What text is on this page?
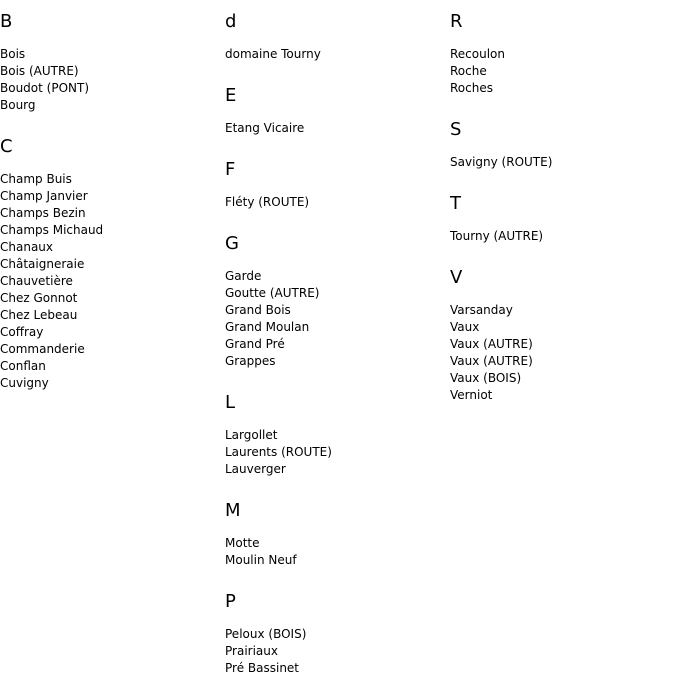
B
Bois
Bois (AUTRE)
Boudot (PONT)
Bourg
C
Champ Buis
Champ Janvier
Champs Bezin
Champs Michaud
Chanaux
Châtaigneraie
Chauvetière
Chez Gonnot
Chez Lebeau
Coffray
Commanderie
Conflan
Cuvigny
d
domaine Tourny
E
Etang Vicaire
F
Fléty (ROUTE)
G
Garde
Goutte (AUTRE)
Grand Bois
Grand Moulan
Grand Pré
Grappes
L
Largollet
Laurents (ROUTE)
Lauverger
M
Motte
Moulin Neuf
P
Peloux (BOIS)
Prairiaux
Pré Bassinet
R
Recoulon
Roche
Roches
S
Savigny (ROUTE)
T
Tourny (AUTRE)
V
Varsanday
Vaux
Vaux (AUTRE)
Vaux (AUTRE)
Vaux (BOIS)
Verniot
